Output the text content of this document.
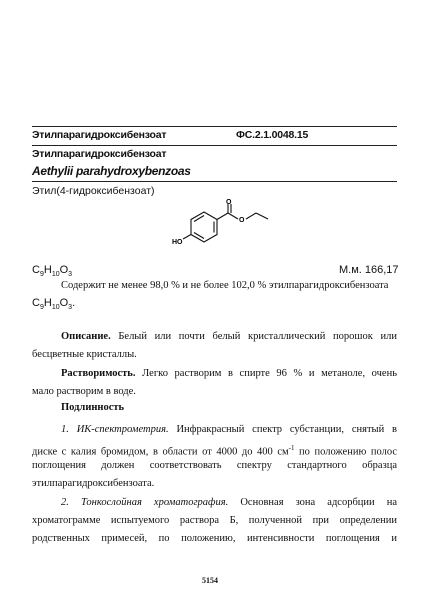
Этилпарагидроксибензоат	ФС.2.1.0048.15
Этилпарагидроксибензоат
Aethylii parahydroxybenzoas
Этил(4-гидроксибензоат)
HO
O
O
$C_9H_{10}O_3$	М.м. 166,17
Содержит не менее 98,0 % и не более 102,0 % этилпарагидроксибензоата
$C_9H_{10}O_3$.
Описание. Белый или почти белый кристаллический порошок или
бесцветные кристаллы.
Растворимость. Легко растворим в спирте 96 % и метаноле, очень
мало растворим в воде.
Подлинность
1. ИК-спектрометрия. Инфракрасный спектр субстанции, снятый в
диске с калия бромидом, в области от 4000 до 400 $см^{-1}$ по положению полос
поглощения должен соответствовать спектру стандартного образца
этилпарагидроксибензоата.
2. Тонкослойная хроматография. Основная зона адсорбции на
хроматограмме испытуемого раствора Б, полученной при определении
родственных примесей, по положению, интенсивности поглощения и
5154
